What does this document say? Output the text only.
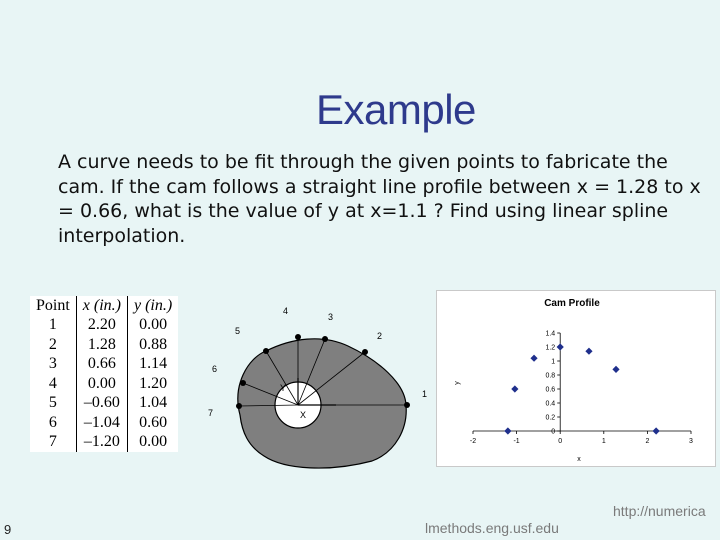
Example
A curve needs to be fit through the given points to fabricate the cam. If the cam follows a straight line profile between x = 1.28 to x = 0.66, what is the value of y at x=1.1 ? Find using linear spline interpolation.
Point	x (in.)	y (in.)
1	2.20	0.00
2	1.28	0.88
3	0.66	1.14
4	0.00	1.20
5	–0.60	1.04
6	–1.04	0.60
7	–1.20	0.00
Y
X
1
2
3
4
5
6
7
Cam Profile
y
x
-2	-1	0	1	2	3
0
0.2
0.4
0.6
0.8
1
1.2
1.4
9
http://numerica
lmethods.eng.usf.edu
